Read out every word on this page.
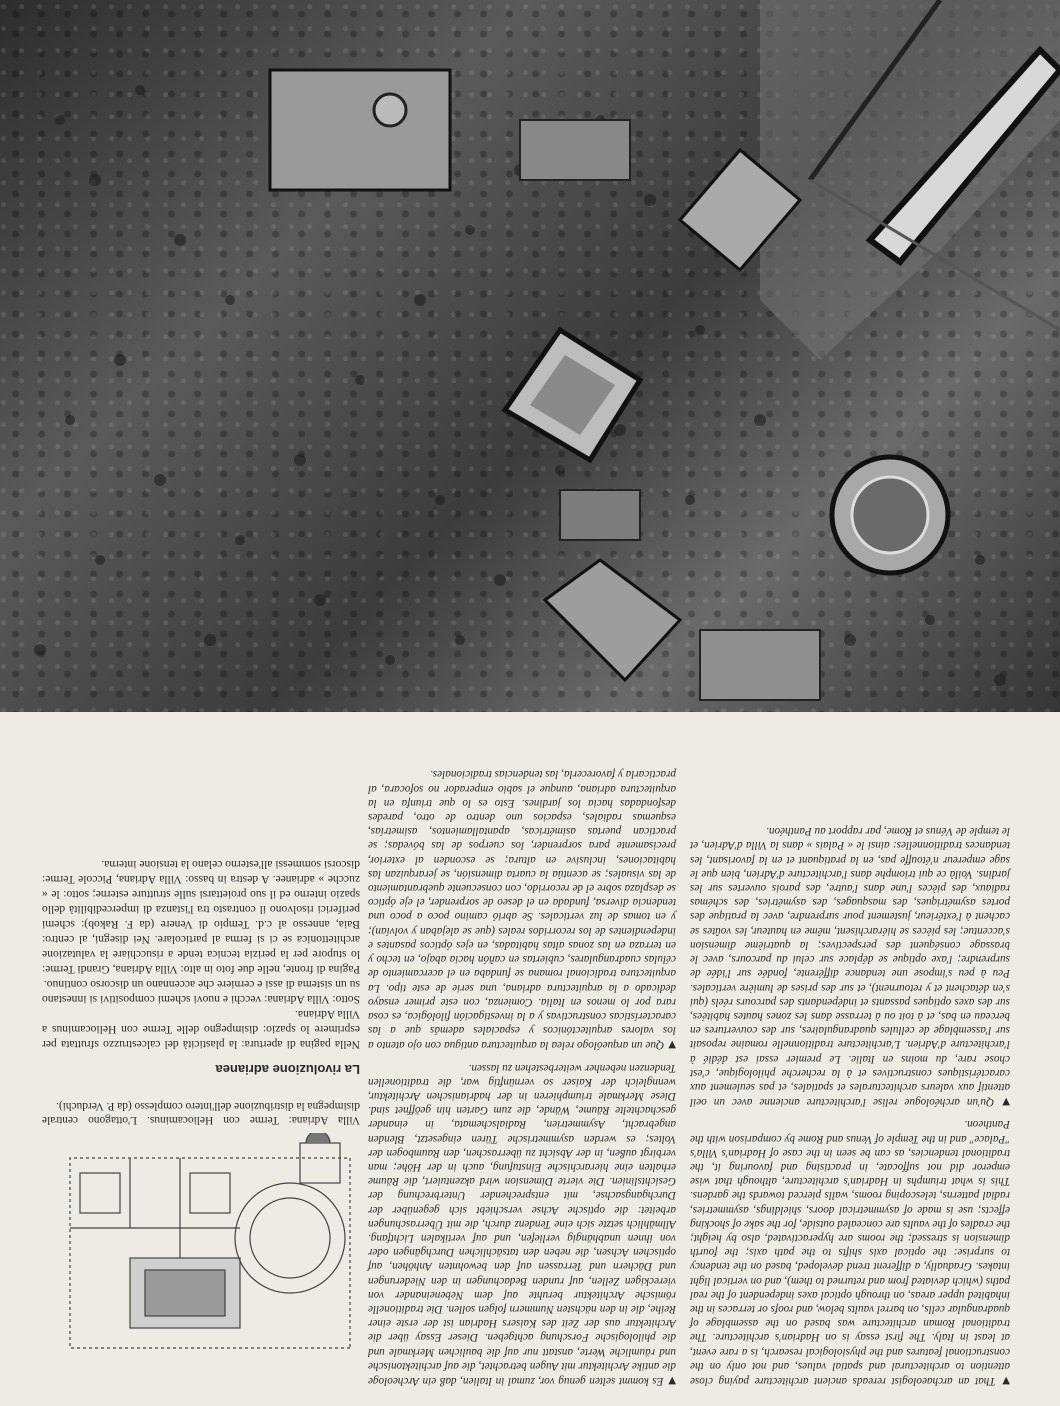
▼That an archaeologist rereads ancient architecture paying close attention to architectural and spatial values, and not only on the constructional features and the physiological research, is a rare event, at least in Italy. The first essay is on Hadrian's architecture. The traditional Roman architecture was based on the assemblage of quadrangular cells, on barrel vaults below, and roofs or terraces in the inhabited upper areas, on through optical axes independent of the real paths (which deviated from and returned to them), and on vertical light intakes. Gradually, a different trend developed, based on the tendency to surprise: the optical axis shifts to the path axis; the fourth dimension is stressed; the rooms are hyperactivated, also by height; the cradles of the vaults are concealed outside, for the sake of shocking effects; use is made of asymmetrical doors, shieldings, asymmetries, radial patterns, telescoping rooms, walls pierced towards the gardens. This is what triumphs in Hadrian's architecture, although that wise emperor did not suffocate, in practising and favouring it, the traditional tendencies, as can be seen in the case of Hadrian's Villa's "Palace" and in the Temple of Venus and Rome by comparison with the Pantheon.

▼Qu'un archéologue relise l'architecture ancienne avec un oeil attentif aux valeurs architecturales et spatiales, et pas seulement aux caractéristiques constructives et à la recherche philologique, c'est chose rare, du moins en Italie. Le premier essai est dédié à l'architecture d'Adrien. L'architecture traditionnelle romaine reposait sur l'assemblage de cellules quadrangulaires, sur des couvertures en berceau en bas, et à toit ou à terrasse dans les zones hautes habitées, sur des axes optiques passants et indépendants des parcours réels (qui s'en détachent et y retournent), et sur des prises de lumière verticales. Peu à peu s'impose une tendance différente, fondée sur l'idée de surprendre; l'axe optique se déplace sur celui du parcours, avec le brassage conséquent des perspectives; la quatrième dimension s'accentue; les pièces se hiérarchisent, même en hauteur, les voûtes se cachent à l'extérieur, justement pour surprendre, avec la pratique des portes asymétriques, des masquages, des asymétries, des schémas radiaux, des pièces l'une dans l'autre, des parois ouvertes sur les jardins. Voilà ce qui triomphe dans l'architecture d'Adrien, bien que le sage empereur n'étouffe pas, en la pratiquant et en la favorisant, les tendances traditionnelles: ainsi le « Palais » dans la Villa d'Adrien, et le temple de Vénus et Rome, par rapport au Panthéon.

▼Es kommt selten genug vor, zumal in Italien, daß ein Archeologe die antike Architektur mit Augen betrachtet, die auf architektonische und räumliche Werte, anstatt nur auf die baulichen Merkmale und die philologische Forschung achtgeben. Dieser Essay über die Architektur aus der Zeit des Kaisers Hadrian ist der erste einer Reihe, die in den nächsten Nummern folgen sollen. Die traditionelle römische Architektur beruhte auf dem Nebeneinander von viereckigen Zellen, auf runden Bedachungen in den Niederungen und Dächern und Terrassen auf den bewohnten Anhöhen, auf optischen Achsen, die neben den tatsächlichen Durchgängen oder von ihnen unabhängig verliefen, und auf vertikalen Lichtfang. Allmählich setzte sich eine Tendenz durch, die mit Überraschungen arbeitet: die optische Achse verschiebt sich gegenüber der Durchgangsachse, mit entsprechender Unterbrechung der Gesichtslinien. Die vierte Dimension wird akzentuiert, die Räume erhalten eine hierarchische Einstufung, auch in der Höhe; man verbirgt außen, in der Absicht zu überraschen, den Raumbogen der Voltes; es werden asymmetrische Türen eingesetzt, Blenden angebracht, Asymmetrien, Radialschemata, in einander geschachtelte Räume, Wände, die zum Garten hin geöffnet sind. Diese Merkmale triumphieren in der hadrianischen Architektur, wenngleich der Kaiser so vernünftig war, die traditionellen Tendenzen nebenher weiterbestehen zu lassen.

▼Que un arqueólogo relea la arquitectura antigua con ojo atento a los valores arquitectónicos y espaciales además que a las características constructivas y a la investigación filológica, es cosa rara por lo menos en Italia. Comienza, con este primer ensayo dedicado a la arquitectura adriana, una serie de este tipo. La arquitectura tradicional romana se fundaba en el acercamiento de células cuadrangulares, cubiertas en cañón hacia abajo, en techo y en terraza en las zonas altas habitadas, en ejes ópticos pasantes e independientes de los recorridos reales (que se alejaban y volvían); y en tomas de luz verticales. Se abrió camino poco a poco una tendencia diversa, fundada en el deseo de sorprender, el eje óptico se desplaza sobre el de recorrido, con consecuente quebrantamiento de las visuales; se acentúa la cuarta dimensión, se jerarquizan las habitaciones, inclusive en altura; se esconden al exterior, precisamente para sorprender, los cuerpos de las bóvedas; se practican puertas asimétricas, apantallamientos, asimetrías, esquemas radiales, espacios uno dentro de otro, paredes desfondadas hacia los jardines. Esto es lo que triunfa en la arquitectura adriana, aunque el sabio emperador no sofocara, al practicarla y favorecerla, las tendencias tradicionales.

Villa Adriana: Terme con Heliocaminus. L'ottagono centrale disimpegna la distribuzione dell'intero complesso (da P. Verduchi).

La rivoluzione adrianea

Nella pagina di apertura: la plasticità del calcestruzzo sfruttata per esprimere lo spazio: disimpegno delle Terme con Heliocaminus a Villa Adriana.

Sotto: Villa Adriana: vecchi e nuovi schemi compositivi si innestano su un sistema di assi e cerniere che accennano un discorso continuo.

Pagina di fronte, nelle due foto in alto: Villa Adriana, Grandi Terme: lo stupore per la perizia tecnica tende a risucchiare la valutazione architettonica se ci si ferma al particolare. Nei disegni, al centro: Baia, annesso al c.d. Tempio di Venere (da F. Rakob): schemi periferici risolvono il contrasto tra l'istanza di impercedibilità dello spazio interno ed il suo proiettarsi sulle strutture esterne; sotto: le « zucche » adrianee. A destra in basso: Villa Adriana, Piccole Terme: discorsi sommessi all'esterno celano la tensione interna.
